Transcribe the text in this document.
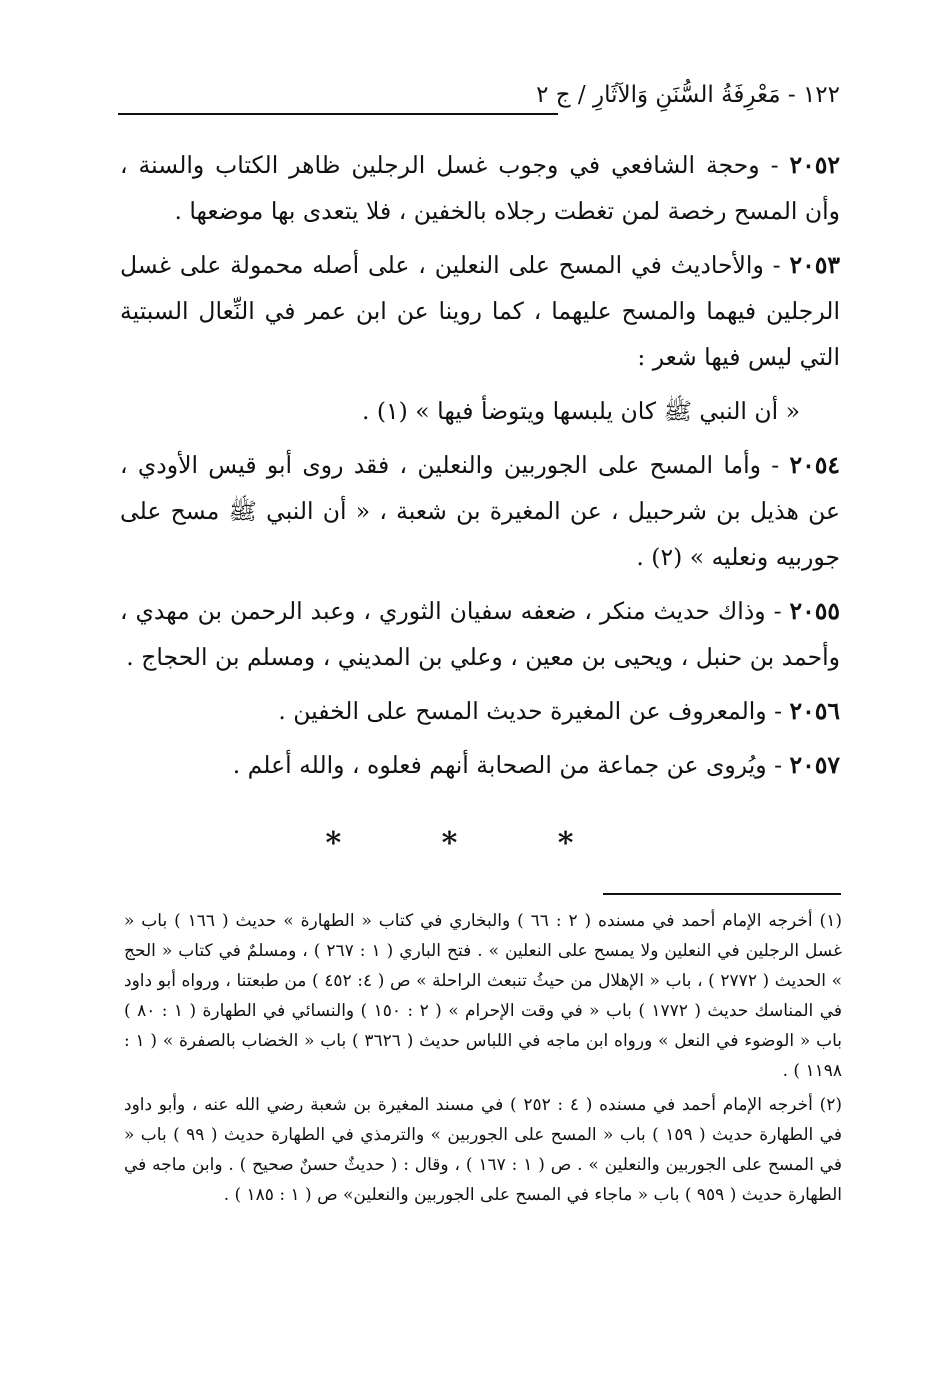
١٢٢ - مَعْرِفَةُ السُّنَنِ وَالآثَارِ / ج ٢

٢٠٥٢ - وحجة الشافعي في وجوب غسل الرجلين ظاهر الكتاب والسنة ، وأن المسح رخصة لمن تغطت رجلاه بالخفين ، فلا يتعدى بها موضعها .

٢٠٥٣ - والأحاديث في المسح على النعلين ، على أصله محمولة على غسل الرجلين فيهما والمسح عليهما ، كما روينا عن ابن عمر في النِّعال السبتية التي ليس فيها شعر :

« أن النبي ﷺ كان يلبسها ويتوضأ فيها » (١) .

٢٠٥٤ - وأما المسح على الجوربين والنعلين ، فقد روى أبو قيس الأودي ، عن هذيل بن شرحبيل ، عن المغيرة بن شعبة ، « أن النبي ﷺ مسح على جوربيه ونعليه » (٢) .

٢٠٥٥ - وذاك حديث منكر ، ضعفه سفيان الثوري ، وعبد الرحمن بن مهدي ، وأحمد بن حنبل ، ويحيى بن معين ، وعلي بن المديني ، ومسلم بن الحجاج .

٢٠٥٦ - والمعروف عن المغيرة حديث المسح على الخفين .

٢٠٥٧ - ويُروى عن جماعة من الصحابة أنهم فعلوه ، والله أعلم .

* * *

(١) أخرجه الإمام أحمد في مسنده ( ٢ : ٦٦ ) والبخاري في كتاب « الطهارة » حديث ( ١٦٦ ) باب « غسل الرجلين في النعلين ولا يمسح على النعلين » . فتح الباري ( ١ : ٢٦٧ ) ، ومسلمٌ في كتاب « الحج » الحديث ( ٢٧٧٢ ) ، باب « الإهلال من حيثُ تنبعث الراحلة » ص ( ٤: ٤٥٢ ) من طبعتنا ، ورواه أبو داود في المناسك حديث ( ١٧٧٢ ) باب « في وقت الإحرام » ( ٢ : ١٥٠ ) والنسائي في الطهارة ( ١ : ٨٠ ) باب « الوضوء في النعل » ورواه ابن ماجه في اللباس حديث ( ٣٦٢٦ ) باب « الخضاب بالصفرة » ( ١ : ١١٩٨ ) .

(٢) أخرجه الإمام أحمد في مسنده ( ٤ : ٢٥٢ ) في مسند المغيرة بن شعبة رضي الله عنه ، وأبو داود في الطهارة حديث ( ١٥٩ ) باب « المسح على الجوربين » والترمذي في الطهارة حديث ( ٩٩ ) باب « في المسح على الجوربين والنعلين » . ص ( ١ : ١٦٧ ) ، وقال : ( حديثٌ حسنٌ صحيح ) . وابن ماجه في الطهارة حديث ( ٩٥٩ ) باب « ماجاء في المسح على الجوربين والنعلين» ص ( ١ : ١٨٥ ) .
